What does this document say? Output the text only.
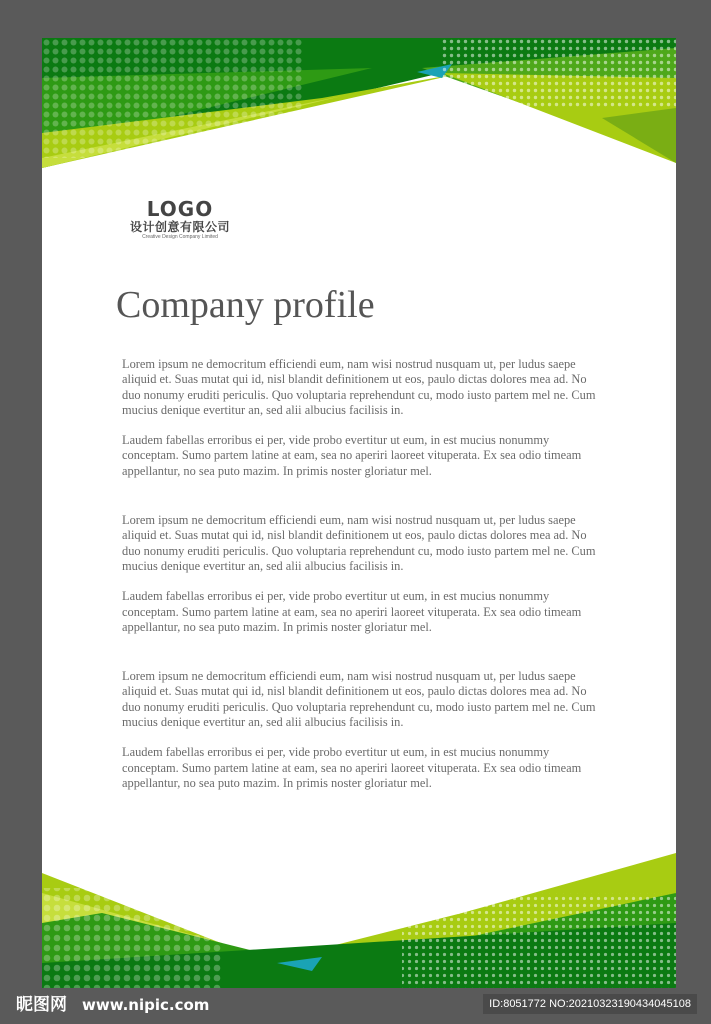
LOGO
设计创意有限公司
Creative Design Company Limited
Company profile

Lorem ipsum ne democritum efficiendi eum, nam wisi nostrud nusquam ut, per ludus saepe aliquid et. Suas mutat qui id, nisl blandit definitionem ut eos, paulo dictas dolores mea ad. No duo nonumy eruditi periculis. Quo voluptaria reprehendunt cu, modo iusto partem mel ne. Cum mucius denique evertitur an, sed alii albucius facilisis in.

Laudem fabellas erroribus ei per, vide probo evertitur ut eum, in est mucius nonummy conceptam. Sumo partem latine at eam, sea no aperiri laoreet vituperata. Ex sea odio timeam appellantur, no sea puto mazim. In primis noster gloriatur mel.

Lorem ipsum ne democritum efficiendi eum, nam wisi nostrud nusquam ut, per ludus saepe aliquid et. Suas mutat qui id, nisl blandit definitionem ut eos, paulo dictas dolores mea ad. No duo nonumy eruditi periculis. Quo voluptaria reprehendunt cu, modo iusto partem mel ne. Cum mucius denique evertitur an, sed alii albucius facilisis in.

Laudem fabellas erroribus ei per, vide probo evertitur ut eum, in est mucius nonummy conceptam. Sumo partem latine at eam, sea no aperiri laoreet vituperata. Ex sea odio timeam appellantur, no sea puto mazim. In primis noster gloriatur mel.

Lorem ipsum ne democritum efficiendi eum, nam wisi nostrud nusquam ut, per ludus saepe aliquid et. Suas mutat qui id, nisl blandit definitionem ut eos, paulo dictas dolores mea ad. No duo nonumy eruditi periculis. Quo voluptaria reprehendunt cu, modo iusto partem mel ne. Cum mucius denique evertitur an, sed alii albucius facilisis in.

Laudem fabellas erroribus ei per, vide probo evertitur ut eum, in est mucius nonummy conceptam. Sumo partem latine at eam, sea no aperiri laoreet vituperata. Ex sea odio timeam appellantur, no sea puto mazim. In primis noster gloriatur mel.

昵图网 www.nipic.com	ID:8051772 NO:20210323190434045108
